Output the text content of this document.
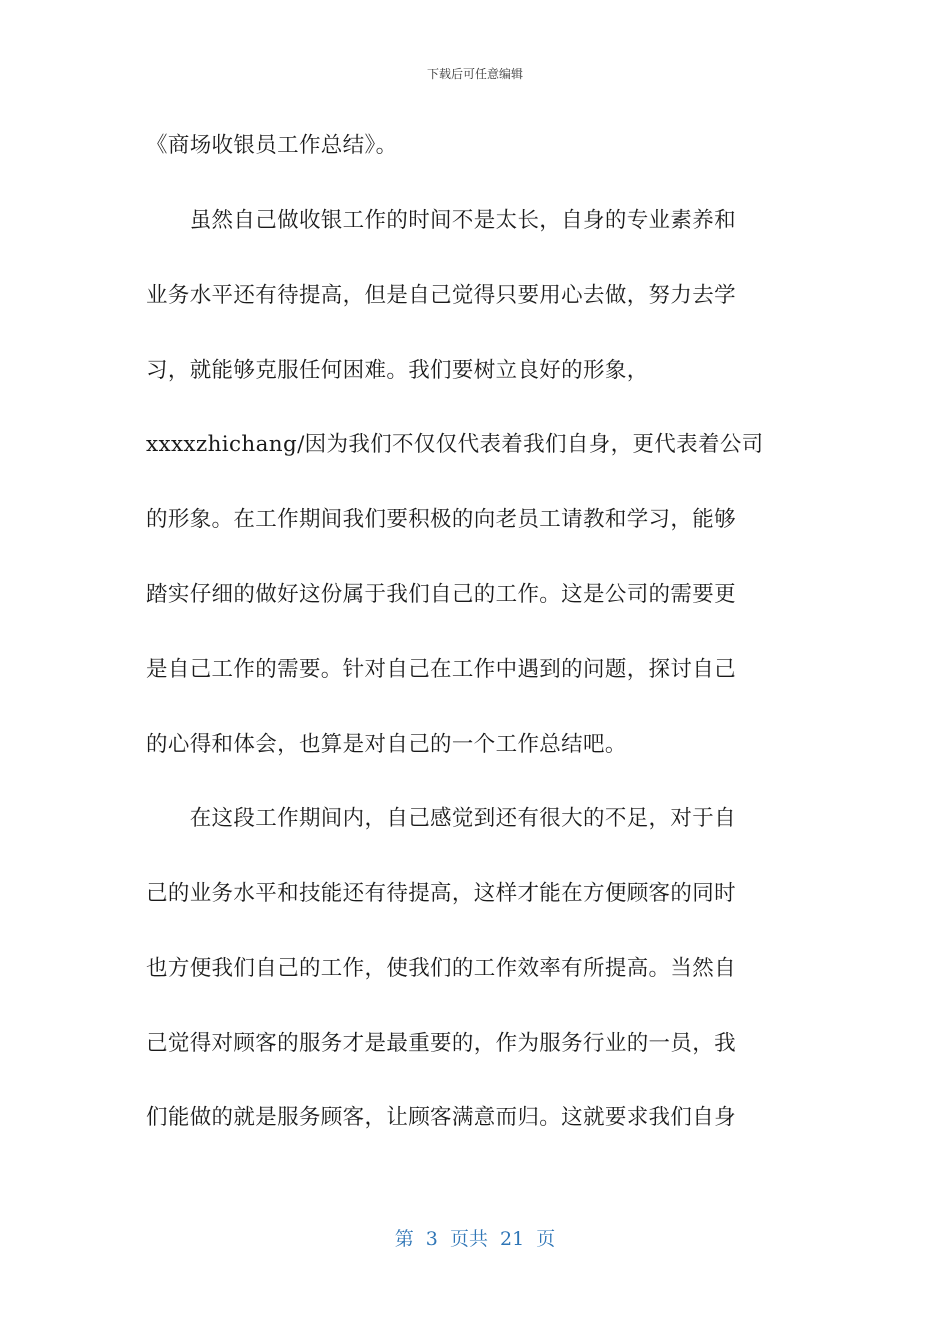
下载后可任意编辑
《商场收银员工作总结》。
　　虽然自己做收银工作的时间不是太长，自身的专业素养和
业务水平还有待提高，但是自己觉得只要用心去做，努力去学
习，就能够克服任何困难。我们要树立良好的形象，
xxxxzhichang/因为我们不仅仅代表着我们自身，更代表着公司
的形象。在工作期间我们要积极的向老员工请教和学习，能够
踏实仔细的做好这份属于我们自己的工作。这是公司的需要更
是自己工作的需要。针对自己在工作中遇到的问题，探讨自己
的心得和体会，也算是对自己的一个工作总结吧。
　　在这段工作期间内，自己感觉到还有很大的不足，对于自
己的业务水平和技能还有待提高，这样才能在方便顾客的同时
也方便我们自己的工作，使我们的工作效率有所提高。当然自
己觉得对顾客的服务才是最重要的，作为服务行业的一员，我
们能做的就是服务顾客，让顾客满意而归。这就要求我们自身
第  3  页共  21  页
